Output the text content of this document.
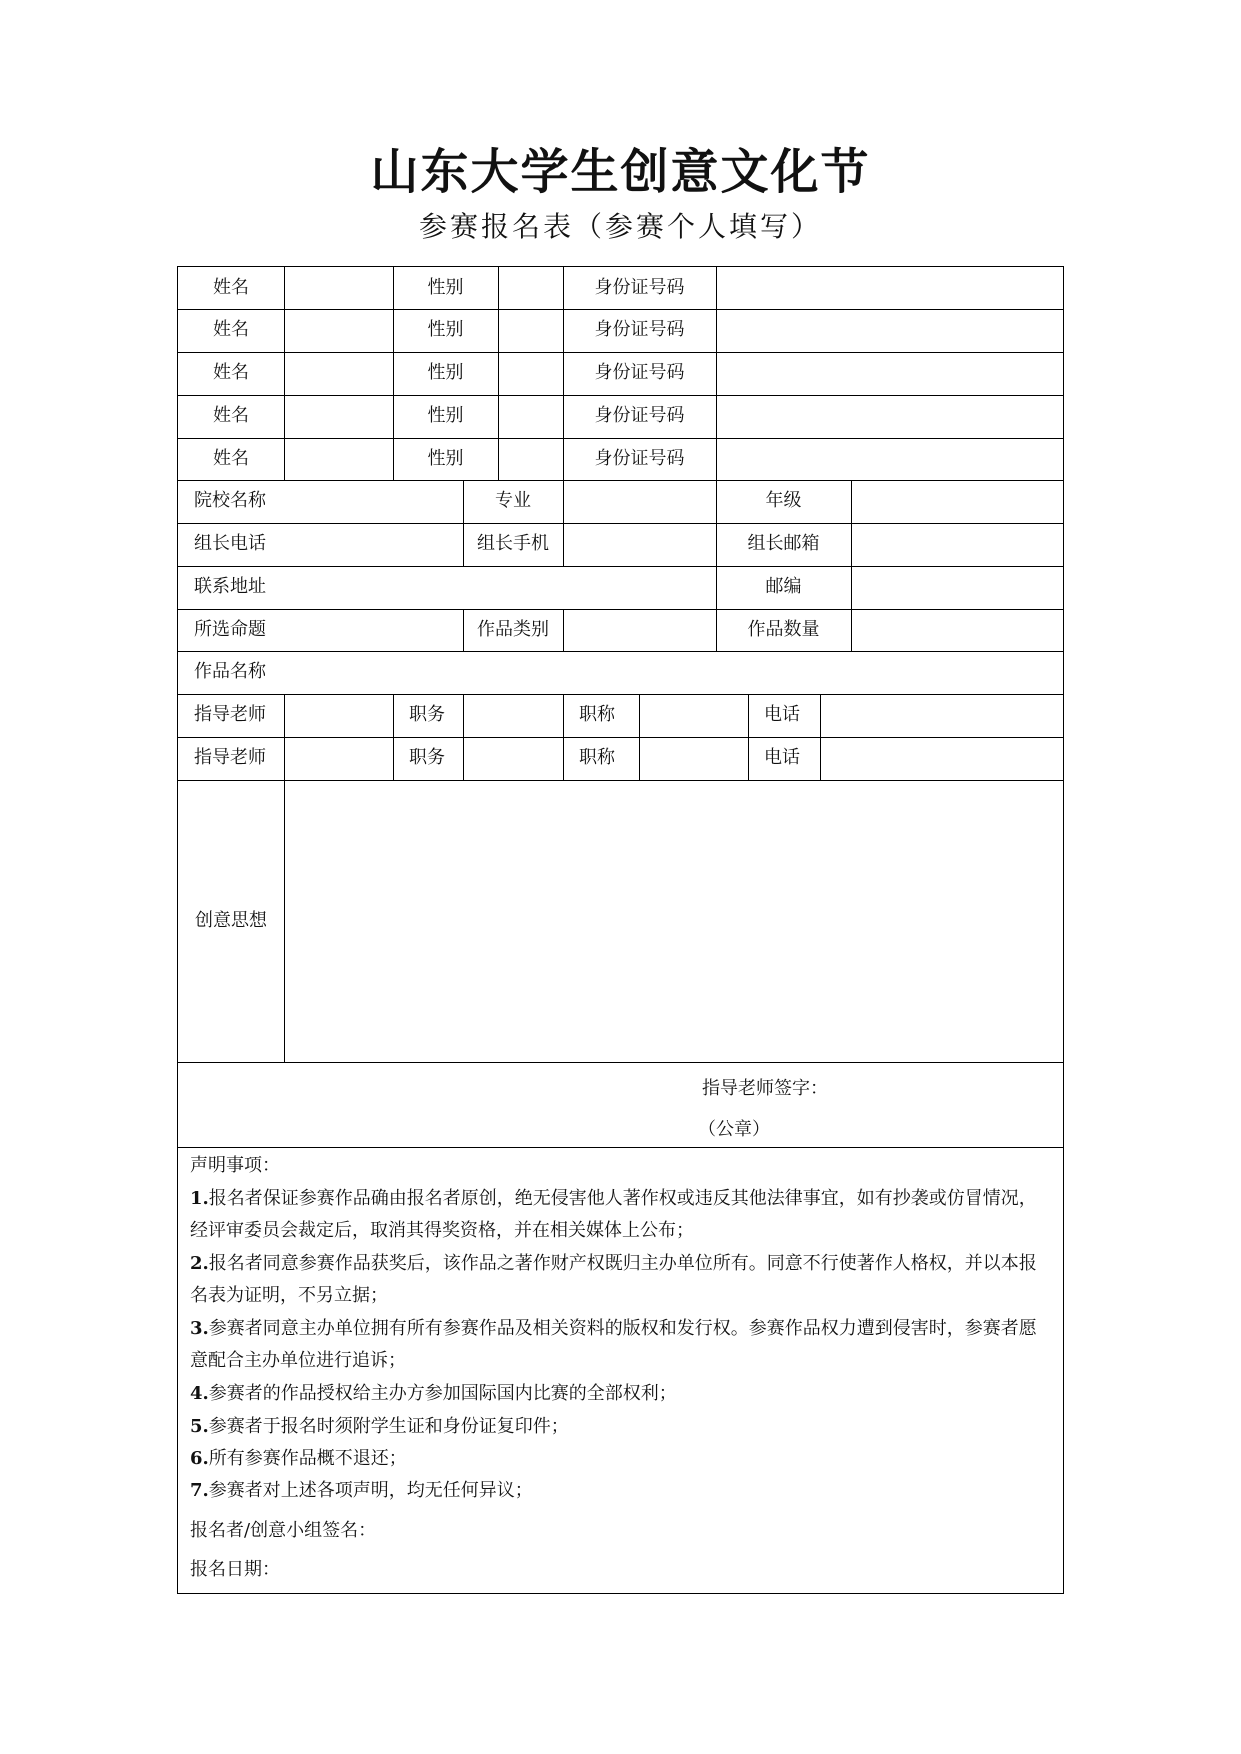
山东大学生创意文化节
参赛报名表（参赛个人填写）
姓名	性别	身份证号码
姓名	性别	身份证号码
姓名	性别	身份证号码
姓名	性别	身份证号码
姓名	性别	身份证号码
院校名称	专业	年级
组长电话	组长手机	组长邮箱
联系地址	邮编
所选命题	作品类别	作品数量
作品名称
指导老师	职务	职称	电话
指导老师	职务	职称	电话
创意思想
指导老师签字：
（公章）
声明事项：
1.报名者保证参赛作品确由报名者原创，绝无侵害他人著作权或违反其他法律事宜，如有抄袭或仿冒情况，经评审委员会裁定后，取消其得奖资格，并在相关媒体上公布；
2.报名者同意参赛作品获奖后，该作品之著作财产权既归主办单位所有。同意不行使著作人格权，并以本报名表为证明，不另立据；
3.参赛者同意主办单位拥有所有参赛作品及相关资料的版权和发行权。参赛作品权力遭到侵害时，参赛者愿意配合主办单位进行追诉；
4.参赛者的作品授权给主办方参加国际国内比赛的全部权利；
5.参赛者于报名时须附学生证和身份证复印件；
6.所有参赛作品概不退还；
7.参赛者对上述各项声明，均无任何异议；
报名者/创意小组签名：
报名日期：
